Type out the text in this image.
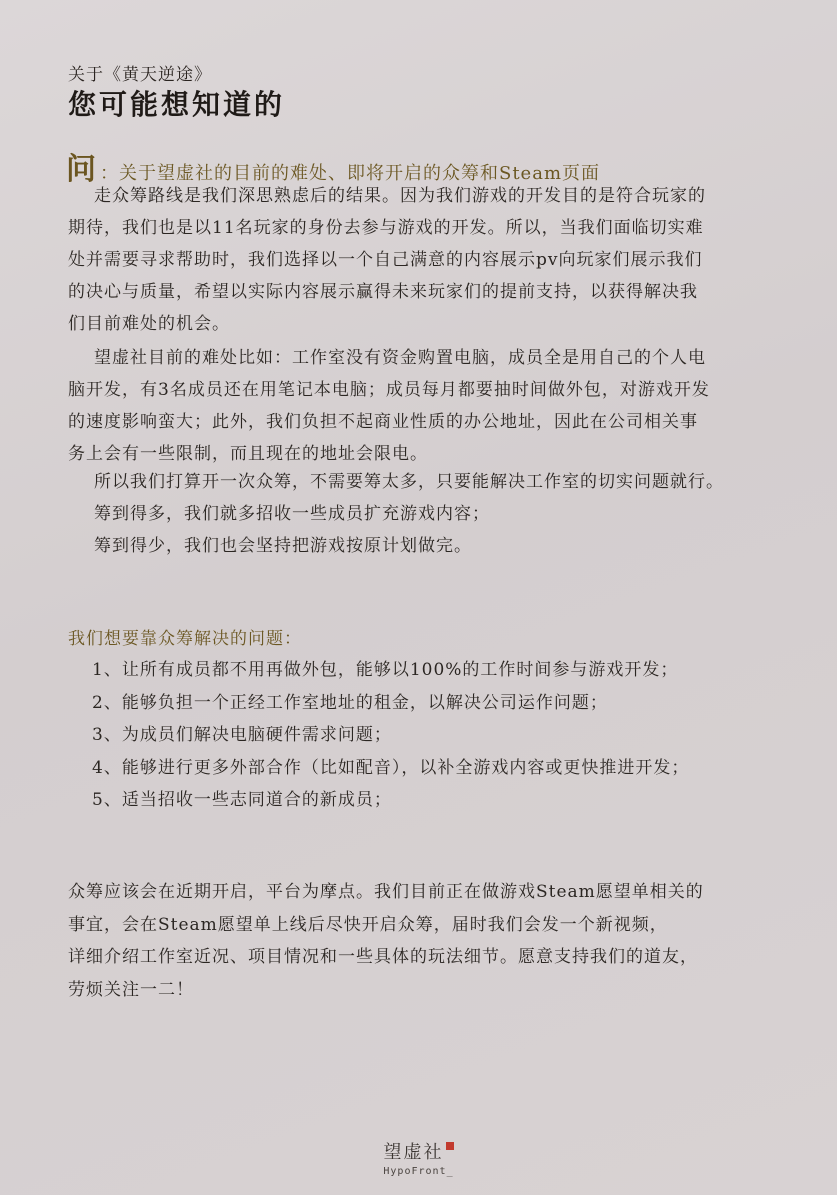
关于《黄天逆途》
您可能想知道的
问 ：关于望虚社的目前的难处、即将开启的众筹和Steam页面

走众筹路线是我们深思熟虑后的结果。因为我们游戏的开发目的是符合玩家的

期待，我们也是以11名玩家的身份去参与游戏的开发。所以，当我们面临切实难

处并需要寻求帮助时，我们选择以一个自己满意的内容展示pv向玩家们展示我们

的决心与质量，希望以实际内容展示赢得未来玩家们的提前支持，以获得解决我

们目前难处的机会。

望虚社目前的难处比如：工作室没有资金购置电脑，成员全是用自己的个人电

脑开发，有3名成员还在用笔记本电脑；成员每月都要抽时间做外包，对游戏开发

的速度影响蛮大；此外，我们负担不起商业性质的办公地址，因此在公司相关事

务上会有一些限制，而且现在的地址会限电。

所以我们打算开一次众筹，不需要筹太多，只要能解决工作室的切实问题就行。

筹到得多，我们就多招收一些成员扩充游戏内容；

筹到得少，我们也会坚持把游戏按原计划做完。

我们想要靠众筹解决的问题：
1、让所有成员都不用再做外包，能够以100%的工作时间参与游戏开发；
2、能够负担一个正经工作室地址的租金，以解决公司运作问题；
3、为成员们解决电脑硬件需求问题；
4、能够进行更多外部合作（比如配音），以补全游戏内容或更快推进开发；
5、适当招收一些志同道合的新成员；

众筹应该会在近期开启，平台为摩点。我们目前正在做游戏Steam愿望单相关的

事宜，会在Steam愿望单上线后尽快开启众筹，届时我们会发一个新视频，

详细介绍工作室近况、项目情况和一些具体的玩法细节。愿意支持我们的道友，

劳烦关注一二！

望虚社
HypoFront_
